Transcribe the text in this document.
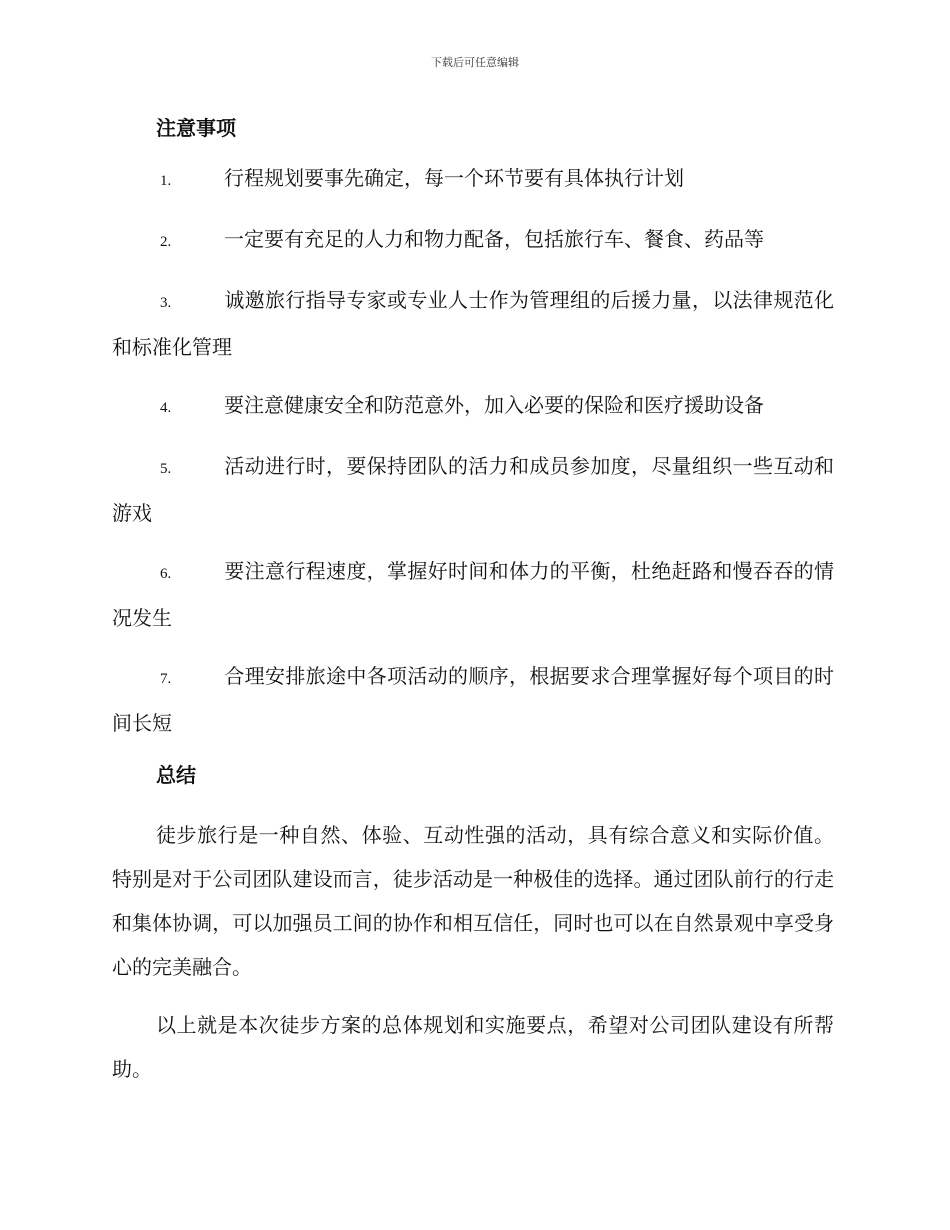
下载后可任意编辑
注意事项

1.	行程规划要事先确定，每一个环节要有具体执行计划

2.	一定要有充足的人力和物力配备，包括旅行车、餐食、药品等

3.	诚邀旅行指导专家或专业人士作为管理组的后援力量，以法律规范化和标准化管理

4.	要注意健康安全和防范意外，加入必要的保险和医疗援助设备

5.	活动进行时，要保持团队的活力和成员参加度，尽量组织一些互动和游戏

6.	要注意行程速度，掌握好时间和体力的平衡，杜绝赶路和慢吞吞的情况发生

7.	合理安排旅途中各项活动的顺序，根据要求合理掌握好每个项目的时间长短

总结

徒步旅行是一种自然、体验、互动性强的活动，具有综合意义和实际价值。特别是对于公司团队建设而言，徒步活动是一种极佳的选择。通过团队前行的行走和集体协调，可以加强员工间的协作和相互信任，同时也可以在自然景观中享受身心的完美融合。

以上就是本次徒步方案的总体规划和实施要点，希望对公司团队建设有所帮助。
